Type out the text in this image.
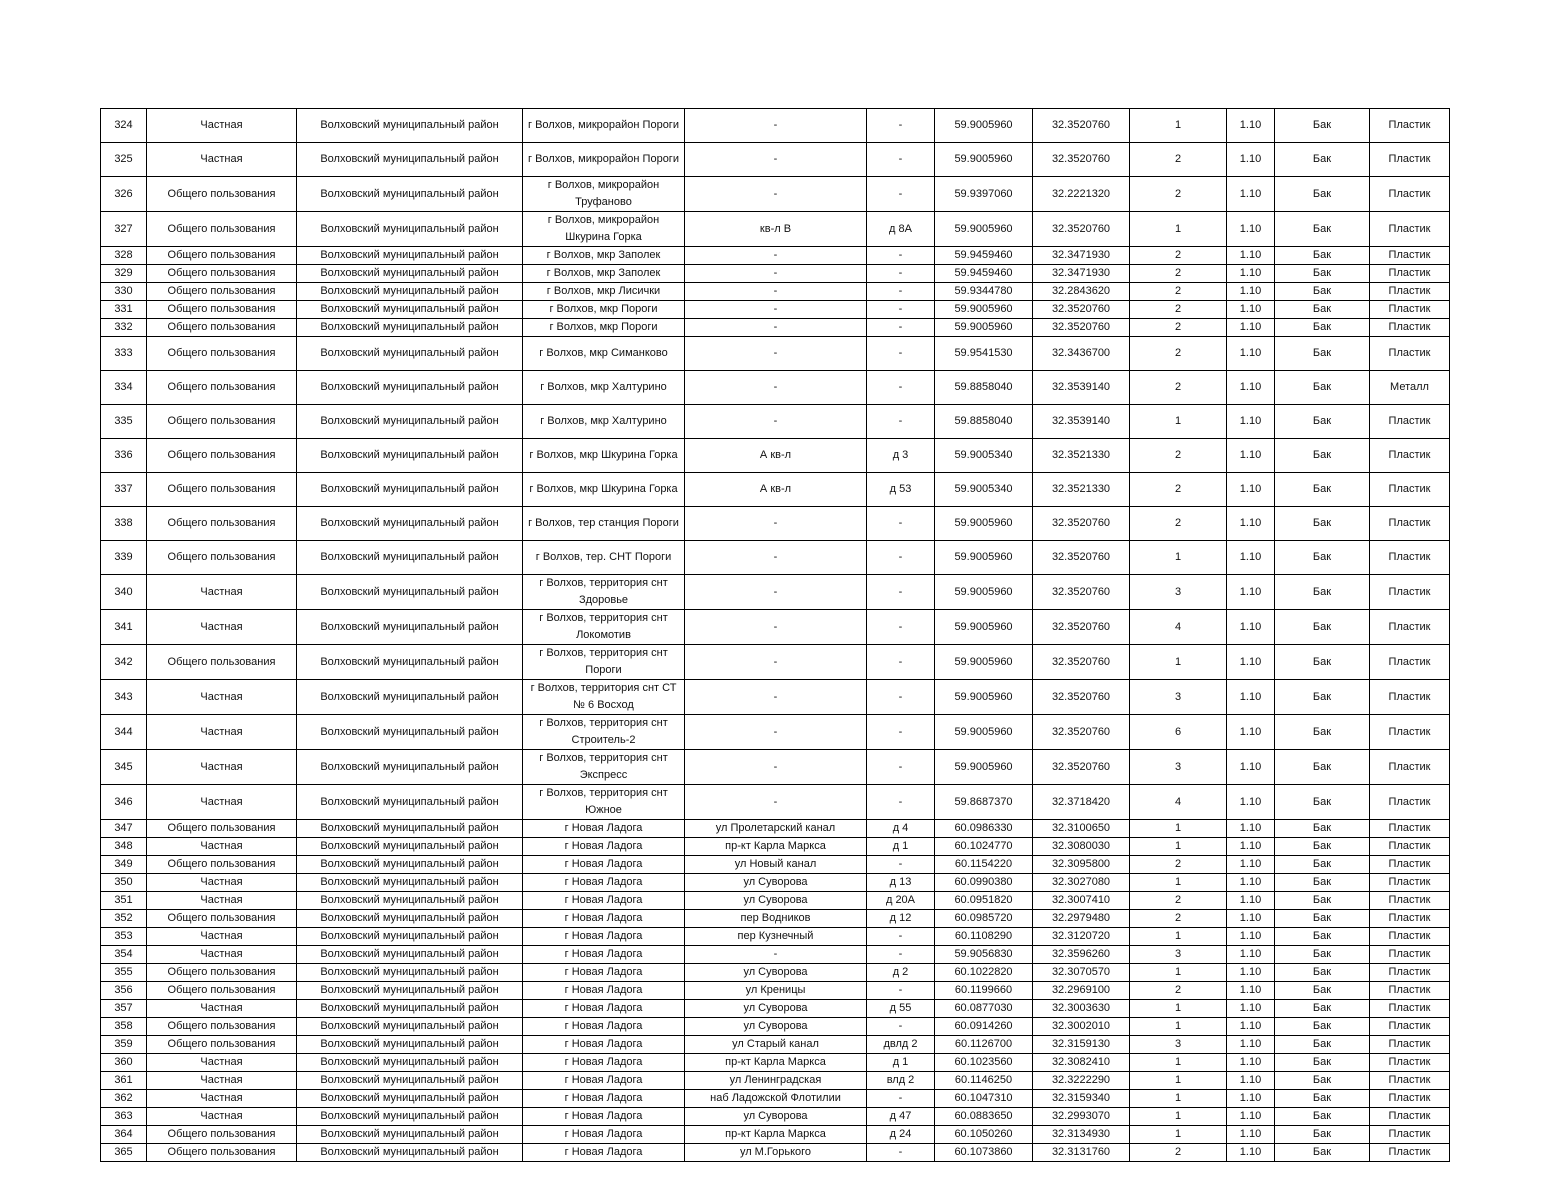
324	Частная	Волховский муниципальный район	г Волхов, микрорайон Пороги	-	-	59.9005960	32.3520760	1	1.10	Бак	Пластик
325	Частная	Волховский муниципальный район	г Волхов, микрорайон Пороги	-	-	59.9005960	32.3520760	2	1.10	Бак	Пластик
326	Общего пользования	Волховский муниципальный район	г Волхов, микрорайон Труфаново	-	-	59.9397060	32.2221320	2	1.10	Бак	Пластик
327	Общего пользования	Волховский муниципальный район	г Волхов, микрорайон Шкурина Горка	кв-л В	д 8А	59.9005960	32.3520760	1	1.10	Бак	Пластик
328	Общего пользования	Волховский муниципальный район	г Волхов, мкр Заполек	-	-	59.9459460	32.3471930	2	1.10	Бак	Пластик
329	Общего пользования	Волховский муниципальный район	г Волхов, мкр Заполек	-	-	59.9459460	32.3471930	2	1.10	Бак	Пластик
330	Общего пользования	Волховский муниципальный район	г Волхов, мкр Лисички	-	-	59.9344780	32.2843620	2	1.10	Бак	Пластик
331	Общего пользования	Волховский муниципальный район	г Волхов, мкр Пороги	-	-	59.9005960	32.3520760	2	1.10	Бак	Пластик
332	Общего пользования	Волховский муниципальный район	г Волхов, мкр Пороги	-	-	59.9005960	32.3520760	2	1.10	Бак	Пластик
333	Общего пользования	Волховский муниципальный район	г Волхов, мкр Симанково	-	-	59.9541530	32.3436700	2	1.10	Бак	Пластик
334	Общего пользования	Волховский муниципальный район	г Волхов, мкр Халтурино	-	-	59.8858040	32.3539140	2	1.10	Бак	Металл
335	Общего пользования	Волховский муниципальный район	г Волхов, мкр Халтурино	-	-	59.8858040	32.3539140	1	1.10	Бак	Пластик
336	Общего пользования	Волховский муниципальный район	г Волхов, мкр Шкурина Горка	А кв-л	д 3	59.9005340	32.3521330	2	1.10	Бак	Пластик
337	Общего пользования	Волховский муниципальный район	г Волхов, мкр Шкурина Горка	А кв-л	д 53	59.9005340	32.3521330	2	1.10	Бак	Пластик
338	Общего пользования	Волховский муниципальный район	г Волхов, тер станция Пороги	-	-	59.9005960	32.3520760	2	1.10	Бак	Пластик
339	Общего пользования	Волховский муниципальный район	г Волхов, тер. СНТ Пороги	-	-	59.9005960	32.3520760	1	1.10	Бак	Пластик
340	Частная	Волховский муниципальный район	г Волхов, территория снт Здоровье	-	-	59.9005960	32.3520760	3	1.10	Бак	Пластик
341	Частная	Волховский муниципальный район	г Волхов, территория снт Локомотив	-	-	59.9005960	32.3520760	4	1.10	Бак	Пластик
342	Общего пользования	Волховский муниципальный район	г Волхов, территория снт Пороги	-	-	59.9005960	32.3520760	1	1.10	Бак	Пластик
343	Частная	Волховский муниципальный район	г Волхов, территория снт СТ № 6 Восход	-	-	59.9005960	32.3520760	3	1.10	Бак	Пластик
344	Частная	Волховский муниципальный район	г Волхов, территория снт Строитель-2	-	-	59.9005960	32.3520760	6	1.10	Бак	Пластик
345	Частная	Волховский муниципальный район	г Волхов, территория снт Экспресс	-	-	59.9005960	32.3520760	3	1.10	Бак	Пластик
346	Частная	Волховский муниципальный район	г Волхов, территория снт Южное	-	-	59.8687370	32.3718420	4	1.10	Бак	Пластик
347	Общего пользования	Волховский муниципальный район	г Новая Ладога	ул Пролетарский канал	д 4	60.0986330	32.3100650	1	1.10	Бак	Пластик
348	Частная	Волховский муниципальный район	г Новая Ладога	пр-кт Карла Маркса	д 1	60.1024770	32.3080030	1	1.10	Бак	Пластик
349	Общего пользования	Волховский муниципальный район	г Новая Ладога	ул Новый канал	-	60.1154220	32.3095800	2	1.10	Бак	Пластик
350	Частная	Волховский муниципальный район	г Новая Ладога	ул Суворова	д 13	60.0990380	32.3027080	1	1.10	Бак	Пластик
351	Частная	Волховский муниципальный район	г Новая Ладога	ул Суворова	д 20А	60.0951820	32.3007410	2	1.10	Бак	Пластик
352	Общего пользования	Волховский муниципальный район	г Новая Ладога	пер Водников	д 12	60.0985720	32.2979480	2	1.10	Бак	Пластик
353	Частная	Волховский муниципальный район	г Новая Ладога	пер Кузнечный	-	60.1108290	32.3120720	1	1.10	Бак	Пластик
354	Частная	Волховский муниципальный район	г Новая Ладога	-	-	59.9056830	32.3596260	3	1.10	Бак	Пластик
355	Общего пользования	Волховский муниципальный район	г Новая Ладога	ул Суворова	д 2	60.1022820	32.3070570	1	1.10	Бак	Пластик
356	Общего пользования	Волховский муниципальный район	г Новая Ладога	ул Креницы	-	60.1199660	32.2969100	2	1.10	Бак	Пластик
357	Частная	Волховский муниципальный район	г Новая Ладога	ул Суворова	д 55	60.0877030	32.3003630	1	1.10	Бак	Пластик
358	Общего пользования	Волховский муниципальный район	г Новая Ладога	ул Суворова	-	60.0914260	32.3002010	1	1.10	Бак	Пластик
359	Общего пользования	Волховский муниципальный район	г Новая Ладога	ул Старый канал	двлд 2	60.1126700	32.3159130	3	1.10	Бак	Пластик
360	Частная	Волховский муниципальный район	г Новая Ладога	пр-кт Карла Маркса	д 1	60.1023560	32.3082410	1	1.10	Бак	Пластик
361	Частная	Волховский муниципальный район	г Новая Ладога	ул Ленинградская	влд 2	60.1146250	32.3222290	1	1.10	Бак	Пластик
362	Частная	Волховский муниципальный район	г Новая Ладога	наб Ладожской Флотилии	-	60.1047310	32.3159340	1	1.10	Бак	Пластик
363	Частная	Волховский муниципальный район	г Новая Ладога	ул Суворова	д 47	60.0883650	32.2993070	1	1.10	Бак	Пластик
364	Общего пользования	Волховский муниципальный район	г Новая Ладога	пр-кт Карла Маркса	д 24	60.1050260	32.3134930	1	1.10	Бак	Пластик
365	Общего пользования	Волховский муниципальный район	г Новая Ладога	ул М.Горького	-	60.1073860	32.3131760	2	1.10	Бак	Пластик
